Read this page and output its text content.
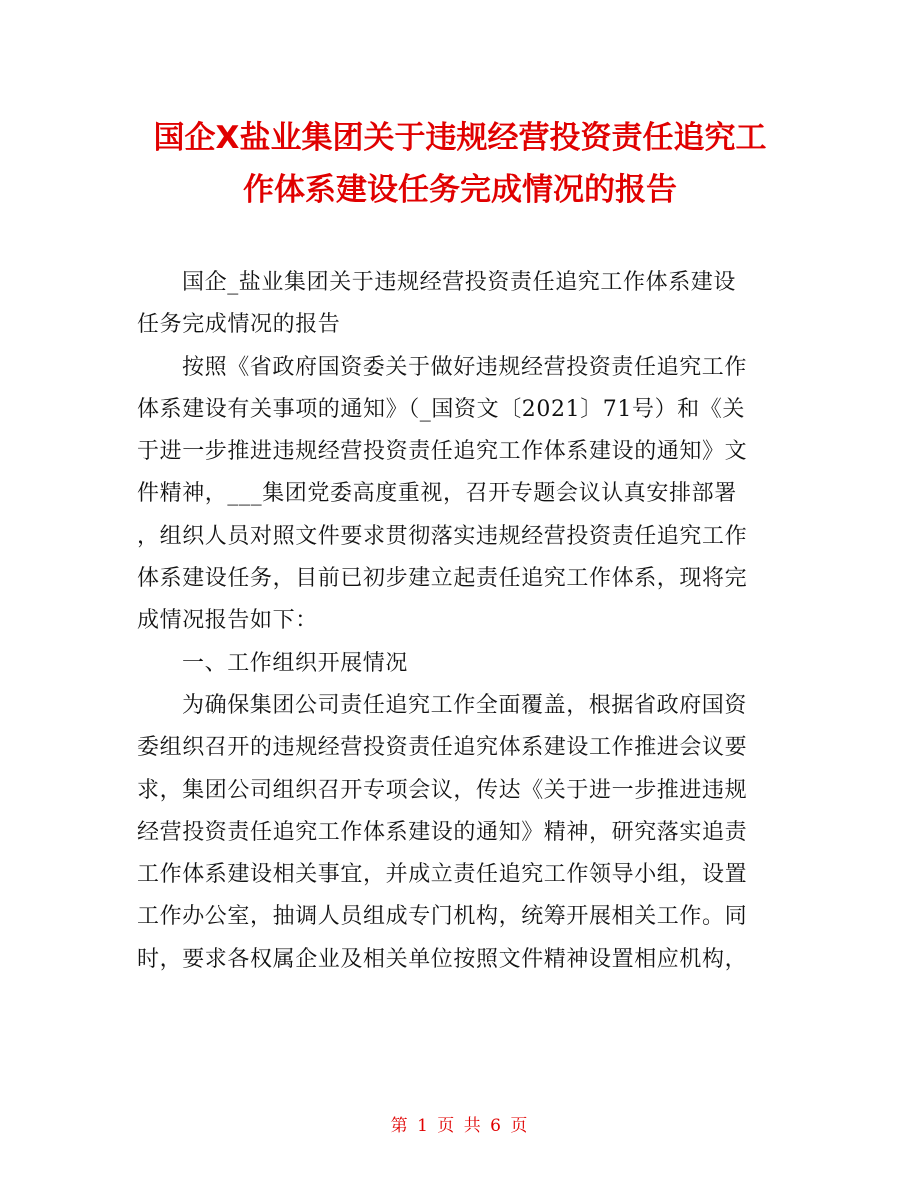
国企X盐业集团关于违规经营投资责任追究工
作体系建设任务完成情况的报告
国企_盐业集团关于违规经营投资责任追究工作体系建设
任务完成情况的报告
按照《省政府国资委关于做好违规经营投资责任追究工作
体系建设有关事项的通知》（_国资文〔2021〕71号）和《关
于进一步推进违规经营投资责任追究工作体系建设的通知》文
件精神，___集团党委高度重视，召开专题会议认真安排部署
，组织人员对照文件要求贯彻落实违规经营投资责任追究工作
体系建设任务，目前已初步建立起责任追究工作体系，现将完
成情况报告如下：
一、工作组织开展情况
为确保集团公司责任追究工作全面覆盖，根据省政府国资
委组织召开的违规经营投资责任追究体系建设工作推进会议要
求，集团公司组织召开专项会议，传达《关于进一步推进违规
经营投资责任追究工作体系建设的通知》精神，研究落实追责
工作体系建设相关事宜，并成立责任追究工作领导小组，设置
工作办公室，抽调人员组成专门机构，统筹开展相关工作。同
时，要求各权属企业及相关单位按照文件精神设置相应机构，
第 1 页 共 6 页
